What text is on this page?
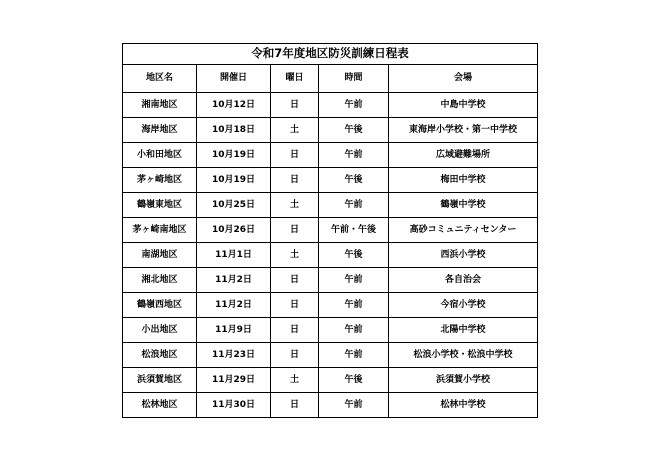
令和7年度地区防災訓練日程表				
地区名	開催日	曜日	時間	会場
湘南地区	10月12日	日	午前	中島中学校
海岸地区	10月18日	土	午後	東海岸小学校・第一中学校
小和田地区	10月19日	日	午前	広域避難場所
茅ヶ崎地区	10月19日	日	午後	梅田中学校
鶴嶺東地区	10月25日	土	午前	鶴嶺中学校
茅ヶ崎南地区	10月26日	日	午前・午後	高砂コミュニティセンター
南湖地区	11月1日	土	午後	西浜小学校
湘北地区	11月2日	日	午前	各自治会
鶴嶺西地区	11月2日	日	午前	今宿小学校
小出地区	11月9日	日	午前	北陽中学校
松浪地区	11月23日	日	午前	松浪小学校・松浪中学校
浜須賀地区	11月29日	土	午後	浜須賀小学校
松林地区	11月30日	日	午前	松林中学校
